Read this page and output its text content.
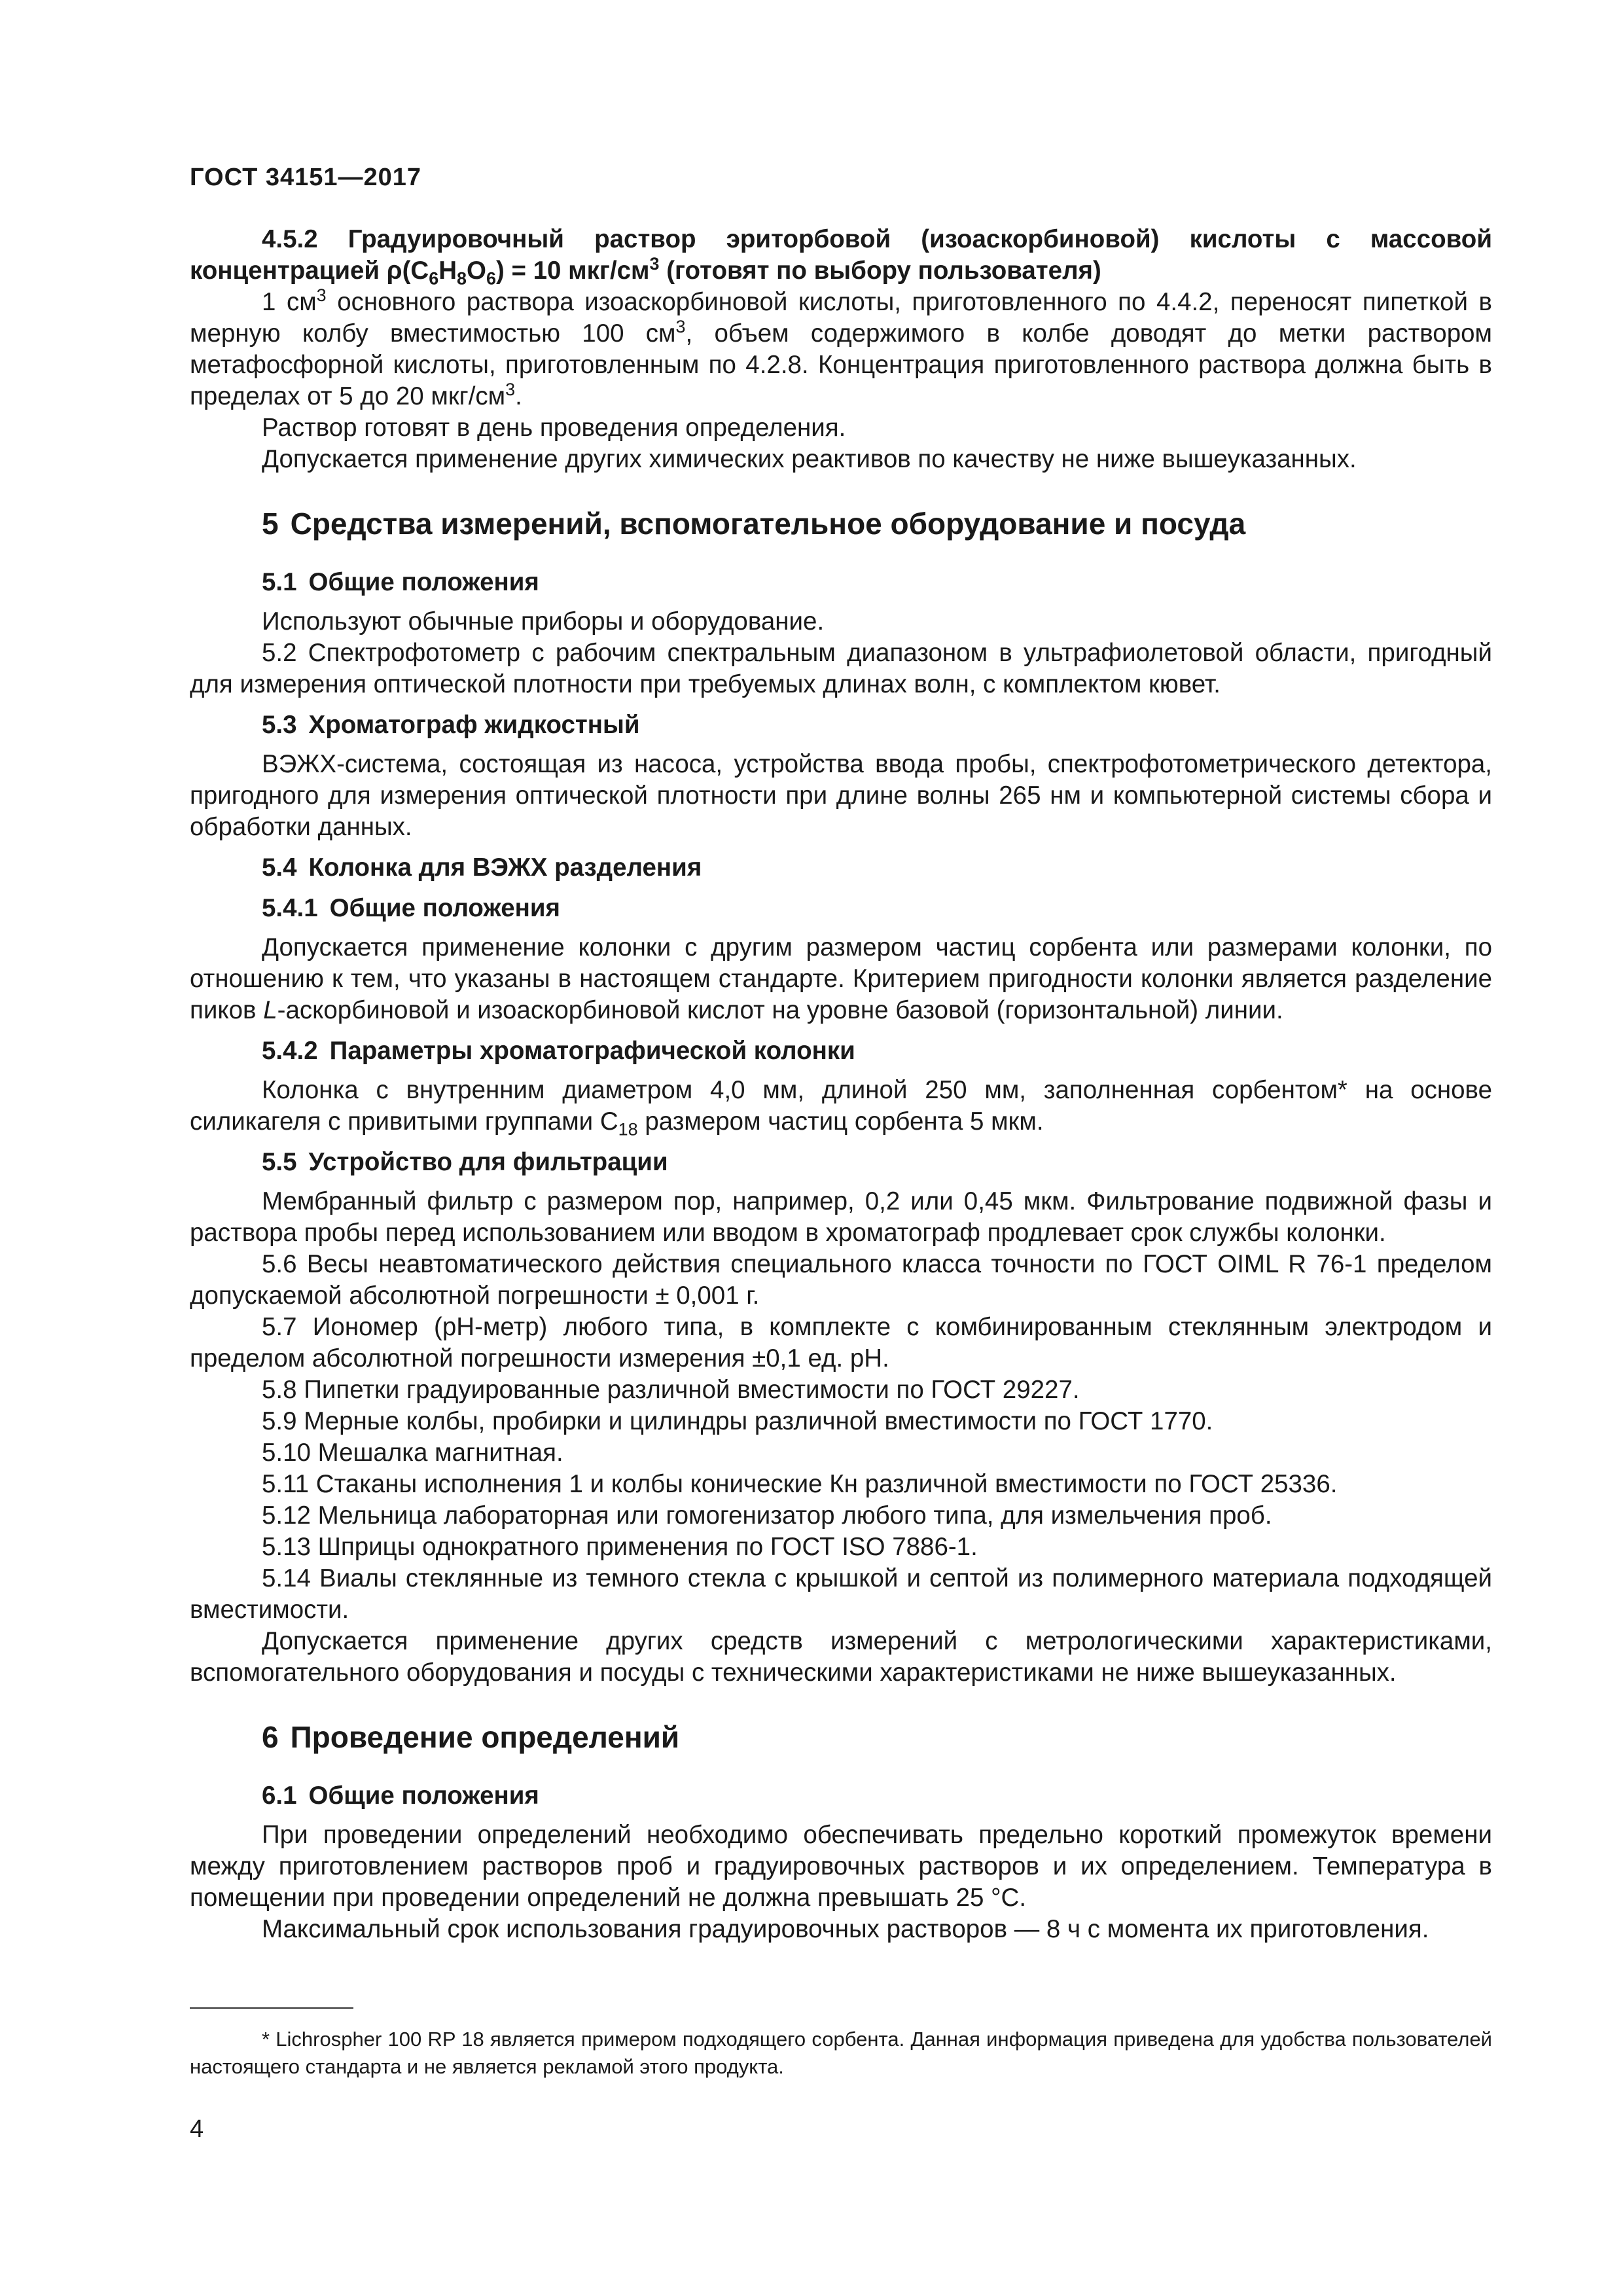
ГОСТ 34151—2017

4.5.2 Градуировочный раствор эриторбовой (изоаскорбиновой) кислоты с массовой концентрацией $\rho(C_6H_8O_6) = 10$ мкг/$см^3$ (готовят по выбору пользователя)

1 $см^3$ основного раствора изоаскорбиновой кислоты, приготовленного по 4.4.2, переносят пипеткой в мерную колбу вместимостью 100 $см^3$, объем содержимого в колбе доводят до метки раствором метафосфорной кислоты, приготовленным по 4.2.8. Концентрация приготовленного раствора должна быть в пределах от 5 до 20 мкг/$см^3$.

Раствор готовят в день проведения определения.

Допускается применение других химических реактивов по качеству не ниже вышеуказанных.

5 Средства измерений, вспомогательное оборудование и посуда
5.1 Общие положения

Используют обычные приборы и оборудование.

5.2 Спектрофотометр с рабочим спектральным диапазоном в ультрафиолетовой области, пригодный для измерения оптической плотности при требуемых длинах волн, с комплектом кювет.

5.3 Хроматограф жидкостный

ВЭЖХ-система, состоящая из насоса, устройства ввода пробы, спектрофотометрического детектора, пригодного для измерения оптической плотности при длине волны 265 нм и компьютерной системы сбора и обработки данных.

5.4 Колонка для ВЭЖХ разделения
5.4.1 Общие положения

Допускается применение колонки с другим размером частиц сорбента или размерами колонки, по отношению к тем, что указаны в настоящем стандарте. Критерием пригодности колонки является разделение пиков L-аскорбиновой и изоаскорбиновой кислот на уровне базовой (горизонтальной) линии.

5.4.2 Параметры хроматографической колонки

Колонка с внутренним диаметром 4,0 мм, длиной 250 мм, заполненная сорбентом* на основе силикагеля с привитыми группами $C_{18}$ размером частиц сорбента 5 мкм.

5.5 Устройство для фильтрации

Мембранный фильтр с размером пор, например, 0,2 или 0,45 мкм. Фильтрование подвижной фазы и раствора пробы перед использованием или вводом в хроматограф продлевает срок службы колонки.

5.6 Весы неавтоматического действия специального класса точности по ГОСТ OIML R 76-1 пределом допускаемой абсолютной погрешности ± 0,001 г.

5.7 Иономер (рН-метр) любого типа, в комплекте с комбинированным стеклянным электродом и пределом абсолютной погрешности измерения ±0,1 ед. рН.

5.8 Пипетки градуированные различной вместимости по ГОСТ 29227.

5.9 Мерные колбы, пробирки и цилиндры различной вместимости по ГОСТ 1770.

5.10 Мешалка магнитная.

5.11 Стаканы исполнения 1 и колбы конические Кн различной вместимости по ГОСТ 25336.

5.12 Мельница лабораторная или гомогенизатор любого типа, для измельчения проб.

5.13 Шприцы однократного применения по ГОСТ ISO 7886-1.

5.14 Виалы стеклянные из темного стекла с крышкой и септой из полимерного материала подходящей вместимости.

Допускается применение других средств измерений с метрологическими характеристиками, вспомогательного оборудования и посуды с техническими характеристиками не ниже вышеуказанных.

6 Проведение определений
6.1 Общие положения

При проведении определений необходимо обеспечивать предельно короткий промежуток времени между приготовлением растворов проб и градуировочных растворов и их определением. Температура в помещении при проведении определений не должна превышать 25 °С.

Максимальный срок использования градуировочных растворов — 8 ч с момента их приготовления.

* Lichrospher 100 RP 18 является примером подходящего сорбента. Данная информация приведена для удобства пользователей настоящего стандарта и не является рекламой этого продукта.
4
